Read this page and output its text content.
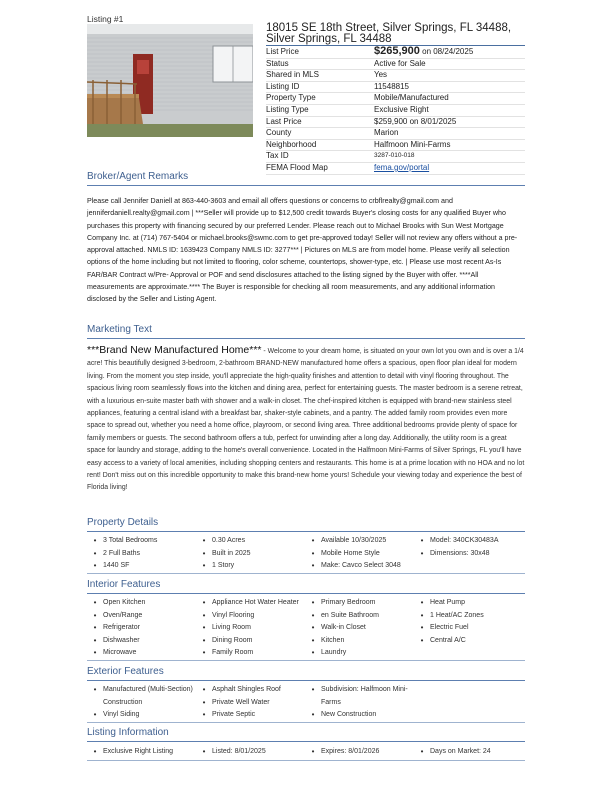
Listing #1
18015 SE 18th Street, Silver Springs, FL 34488, Silver Springs, FL 34488
List Price	$265,900 on 08/24/2025
Status	Active for Sale
Shared in MLS	Yes
Listing ID	11548815
Property Type	Mobile/Manufactured
Listing Type	Exclusive Right
Last Price	$259,900 on 8/01/2025
County	Marion
Neighborhood	Halfmoon Mini-Farms
Tax ID	3287-010-018
FEMA Flood Map	fema.gov/portal
Broker/Agent Remarks
Please call Jennifer Daniell at 863-440-3603 and email all offers questions or concerns to crbflrealty@gmail.com and jenniferdaniell.realty@gmail.com | ***Seller will provide up to $12,500 credit towards Buyer's closing costs for any qualified Buyer who purchases this property with financing secured by our preferred Lender. Please reach out to Michael Brooks with Sun West Mortgage Company Inc. at (714) 767-5404 or michael.brooks@swmc.com to get pre-approved today! Seller will not review any offers without a pre-approval attached. NMLS ID: 1639423 Company NMLS ID: 3277*** | Pictures on MLS are from model home. Please verify all selection options of the home including but not limited to flooring, color scheme, countertops, shower-type, etc. | Please use most recent As-Is FAR/BAR Contract w/Pre- Approval or POF and send disclosures attached to the listing signed by the Buyer with offer. ****All measurements are approximate.**** The Buyer is responsible for checking all room measurements, and any additional information disclosed by the Seller and Listing Agent.
Marketing Text
***Brand New Manufactured Home*** - Welcome to your dream home, is situated on your own lot you own and is over a 1/4 acre! This beautifully designed 3-bedroom, 2-bathroom BRAND-NEW manufactured home offers a spacious, open floor plan ideal for modern living. From the moment you step inside, you'll appreciate the high-quality finishes and attention to detail with vinyl flooring throughout. The spacious living room seamlessly flows into the kitchen and dining area, perfect for entertaining guests. The master bedroom is a serene retreat, with a luxurious en-suite master bath with shower and a walk-in closet. The chef-inspired kitchen is equipped with brand-new stainless steel appliances, featuring a central island with a breakfast bar, shaker-style cabinets, and a pantry. The added family room provides even more space to spread out, whether you need a home office, playroom, or second living area. Three additional bedrooms provide plenty of space for family members or guests. The second bathroom offers a tub, perfect for unwinding after a long day. Additionally, the utility room is a great space for laundry and storage, adding to the home's overall convenience. Located in the Halfmoon Mini-Farms of Silver Springs, FL you'll have easy access to a variety of local amenities, including shopping centers and restaurants. This home is at a prime location with no HOA and no lot rent! Don't miss out on this incredible opportunity to make this brand-new home yours! Schedule your viewing today and experience the best of Florida living!
Property Details
• 3 Total Bedrooms
• 2 Full Baths
• 1440 SF
• 0.30 Acres
• Built in 2025
• 1 Story
• Available 10/30/2025
• Mobile Home Style
• Make: Cavco Select 3048
• Model: 340CK30483A
• Dimensions: 30x48
Interior Features
• Open Kitchen
• Oven/Range
• Refrigerator
• Dishwasher
• Microwave
• Appliance Hot Water Heater
• Vinyl Flooring
• Living Room
• Dining Room
• Family Room
• Primary Bedroom
• en Suite Bathroom
• Walk-in Closet
• Kitchen
• Laundry
• Heat Pump
• 1 Heat/AC Zones
• Electric Fuel
• Central A/C
Exterior Features
• Manufactured (Multi-Section) Construction
• Vinyl Siding
• Asphalt Shingles Roof
• Private Well Water
• Private Septic
• Subdivision: Halfmoon Mini-Farms
• New Construction
Listing Information
• Exclusive Right Listing	• Listed: 8/01/2025	• Expires: 8/01/2026	• Days on Market: 24
